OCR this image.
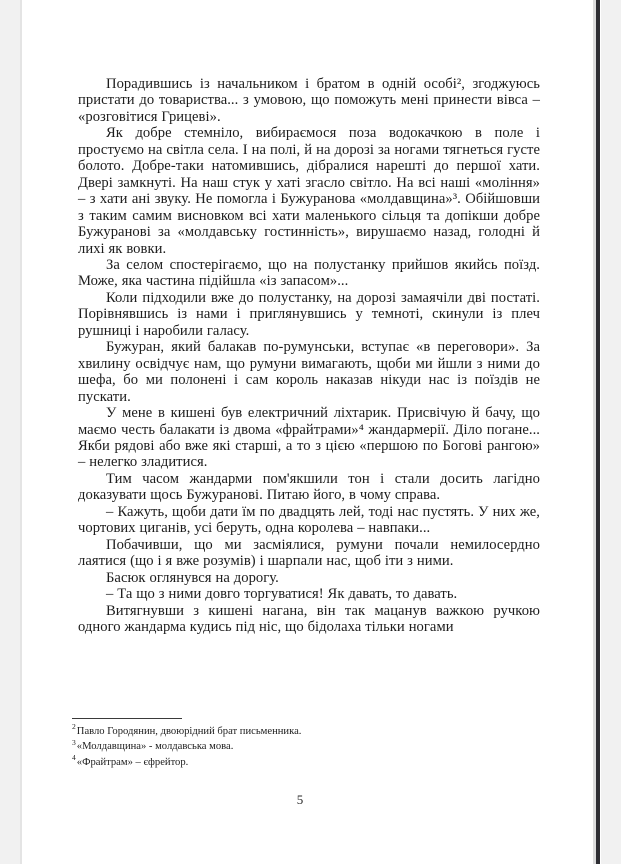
Порадившись із начальником і братом в одній особі², згоджуюсь пристати до товариства... з умовою, що поможуть мені принести вівса – «розговітися Грицеві».

Як добре стемніло, вибираємося поза водокачкою в поле і простуємо на світла села. І на полі, й на дорозі за ногами тягнеться густе болото. Добре-таки натомившись, дібралися нарешті до першої хати. Двері замкнуті. На наш стук у хаті згасло світло. На всі наші «моління» – з хати ані звуку. Не помогла і Бужуранова «молдавщина»³. Обійшовши з таким самим висновком всі хати маленького сільця та допікши добре Бужуранові за «молдавську гостинність», вирушаємо назад, голодні й лихі як вовки.

За селом спостерігаємо, що на полустанку прийшов якийсь поїзд. Може, яка частина підійшла «із запасом»...

Коли підходили вже до полустанку, на дорозі замаячіли дві постаті. Порівнявшись із нами і приглянувшись у темноті, скинули із плеч рушниці і наробили галасу.

Бужуран, який балакав по-румунськи, вступає «в переговори». За хвилину освідчує нам, що румуни вимагають, щоби ми йшли з ними до шефа, бо ми полонені і сам король наказав нікуди нас із поїздів не пускати.

У мене в кишені був електричний ліхтарик. Присвічую й бачу, що маємо честь балакати із двома «фрайтрами»⁴ жандармерії. Діло погане... Якби рядові або вже які старші, а то з цією «першою по Богові рангою» – нелегко зладитися.

Тим часом жандарми пом'якшили тон і стали досить лагідно доказувати щось Бужуранові. Питаю його, в чому справа.

– Кажуть, щоби дати їм по двадцять лей, тоді нас пустять. У них же, чортових циганів, усі беруть, одна королева – навпаки...

Побачивши, що ми засміялися, румуни почали немилосердно лаятися (що і я вже розумів) і шарпали нас, щоб іти з ними.

Басюк оглянувся на дорогу.

– Та що з ними довго торгуватися! Як давать, то давать.

Витягнувши з кишені нагана, він так мацанув важкою ручкою одного жандарма кудись під ніс, що бідолаха тільки ногами

$^2$Павло Городянин, двоюрідний брат письменника.

$^3$«Молдавщина» - молдавська мова.

$^4$«Фрайтрам» – єфрейтор.

5
